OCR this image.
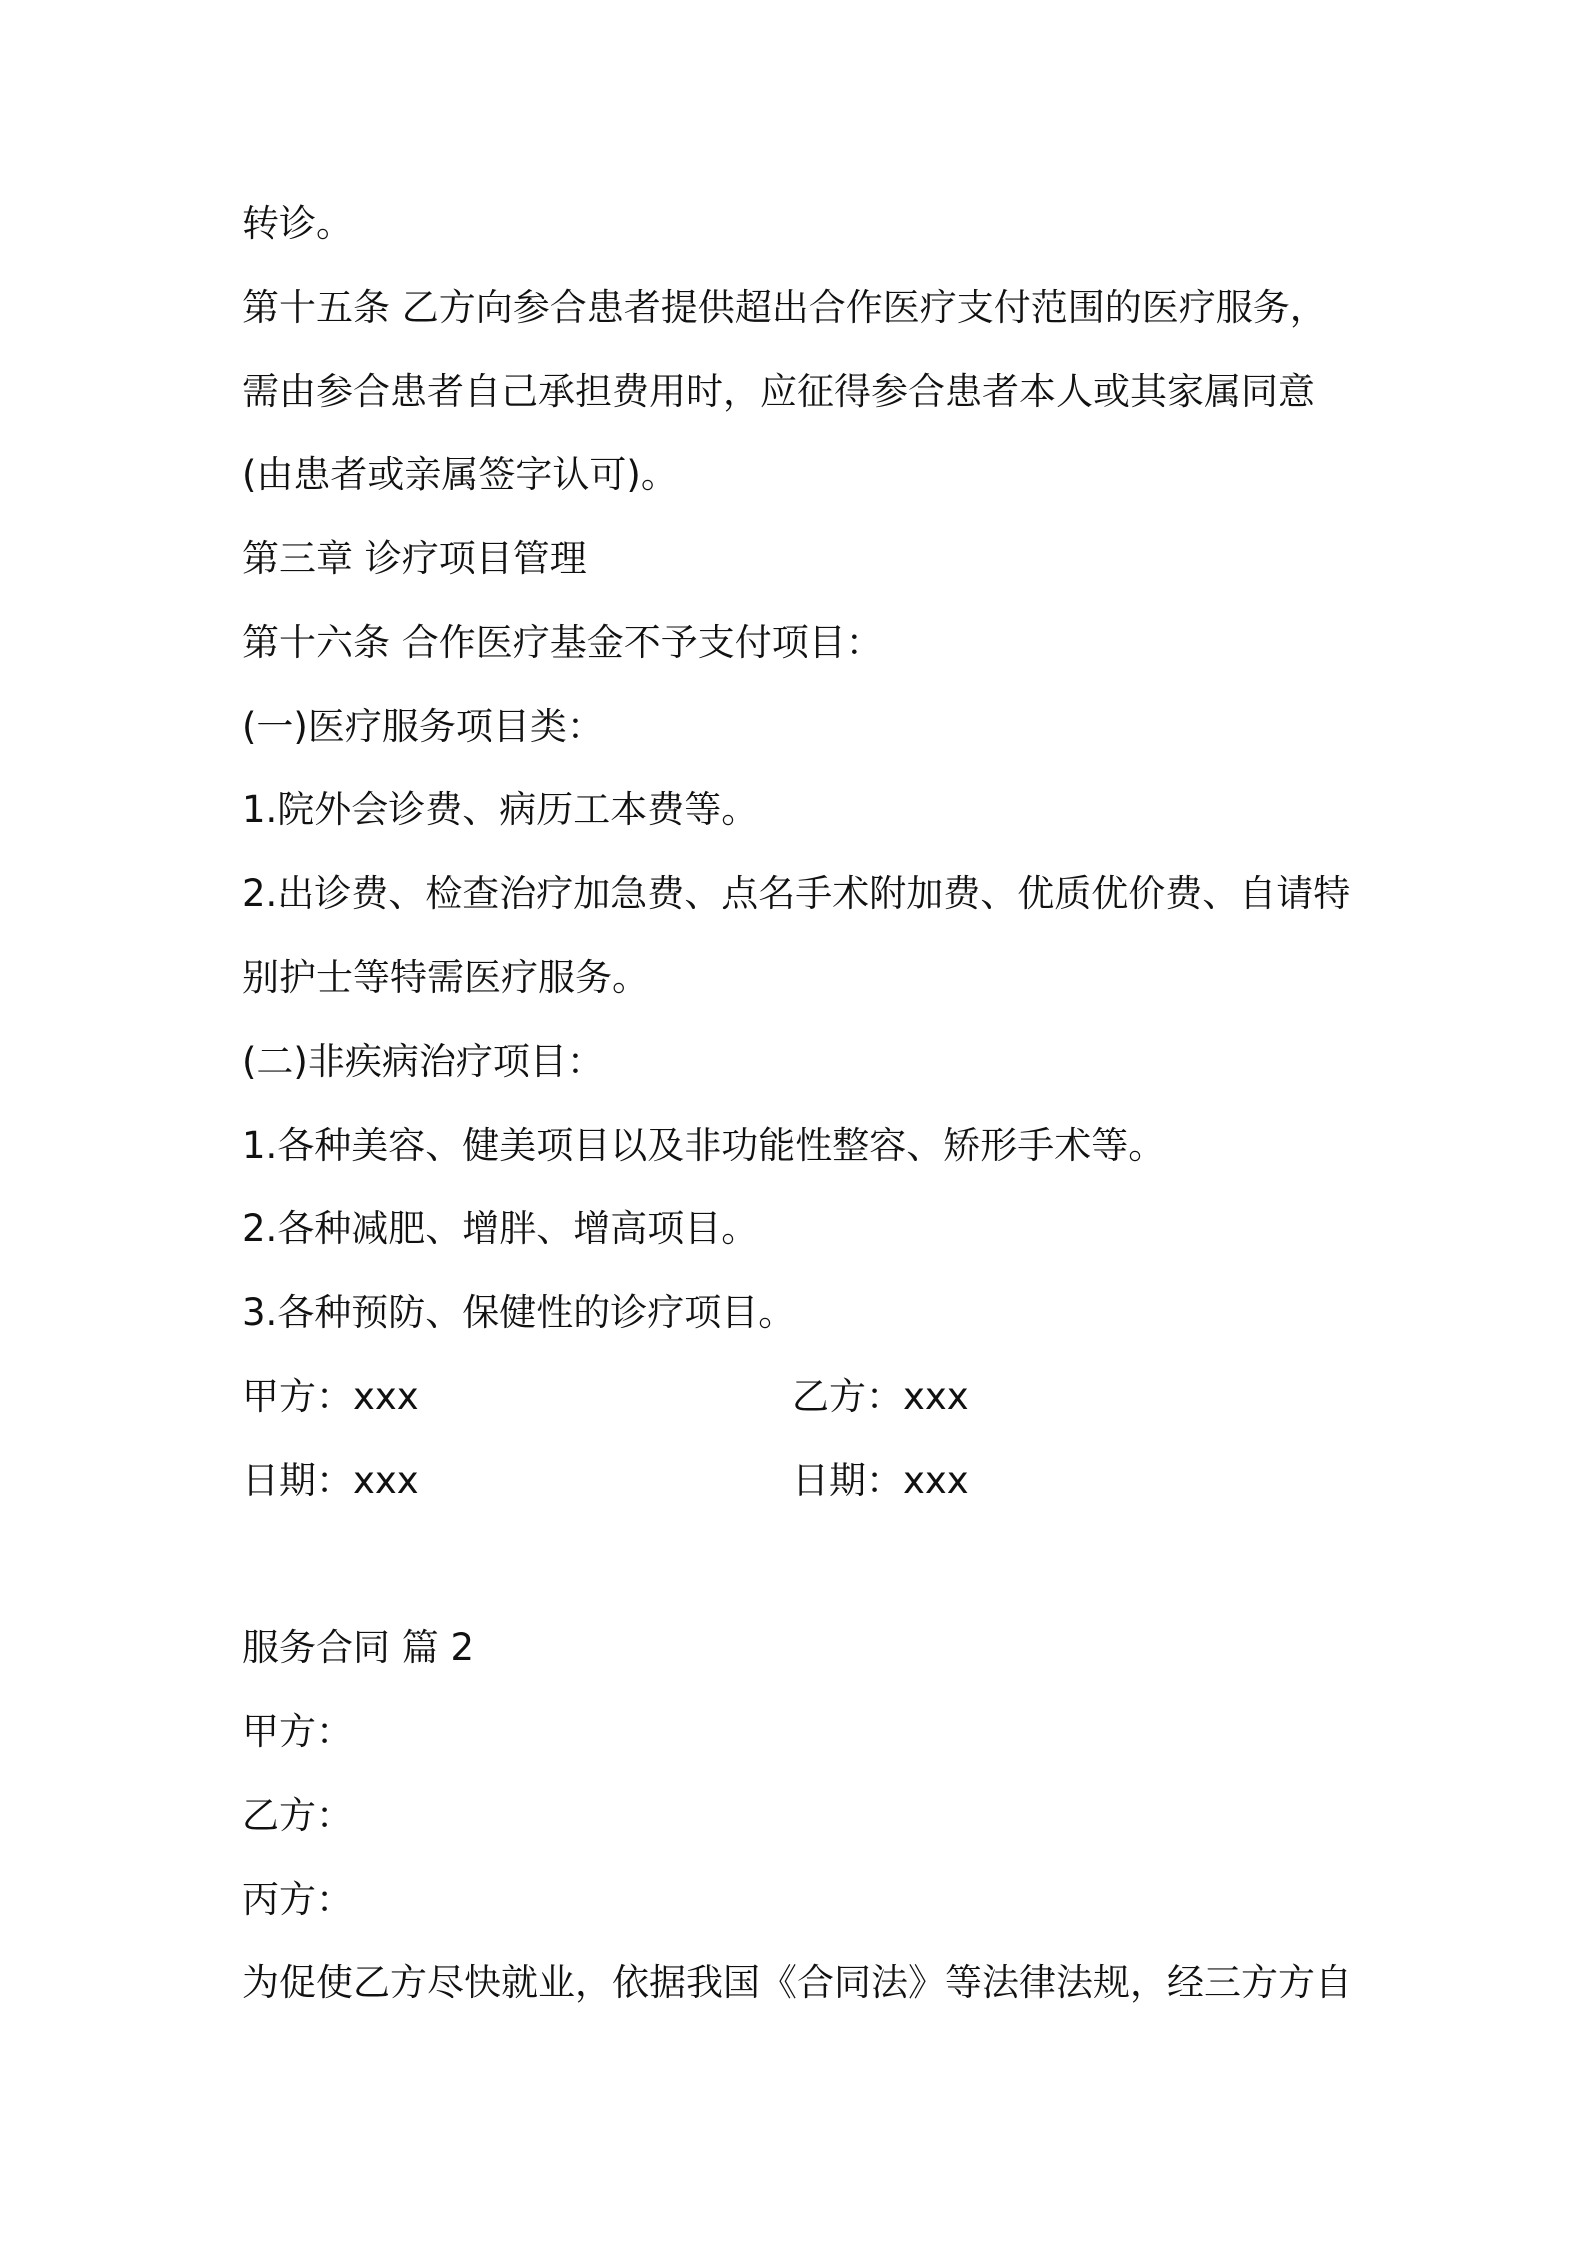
转诊。
第十五条 乙方向参合患者提供超出合作医疗支付范围的医疗服务，
需由参合患者自己承担费用时，应征得参合患者本人或其家属同意
(由患者或亲属签字认可)。
第三章 诊疗项目管理
第十六条 合作医疗基金不予支付项目：
(一)医疗服务项目类：
1.院外会诊费、病历工本费等。
2.出诊费、检查治疗加急费、点名手术附加费、优质优价费、自请特
别护士等特需医疗服务。
(二)非疾病治疗项目：
1.各种美容、健美项目以及非功能性整容、矫形手术等。
2.各种减肥、增胖、增高项目。
3.各种预防、保健性的诊疗项目。
甲方：xxx	乙方：xxx
日期：xxx	日期：xxx
服务合同 篇 2
甲方：
乙方：
丙方：
为促使乙方尽快就业，依据我国《合同法》等法律法规，经三方方自
